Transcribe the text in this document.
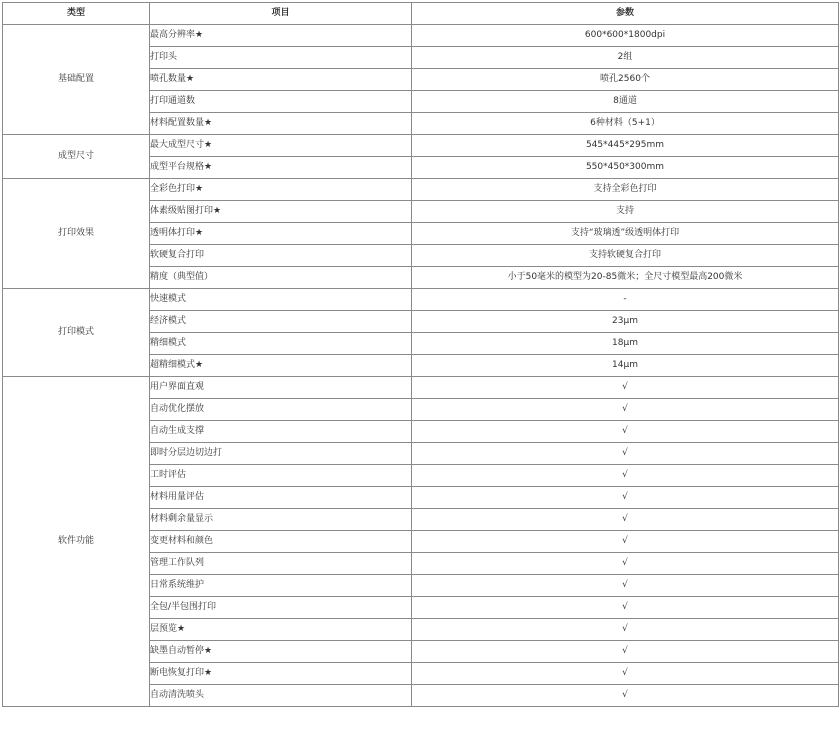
类型	项目	参数
基础配置	最高分辨率★	600*600*1800dpi
	打印头	2组
	喷孔数量★	喷孔2560个
	打印通道数	8通道
	材料配置数量★	6种材料（5+1）
成型尺寸	最大成型尺寸★	545*445*295mm
	成型平台规格★	550*450*300mm
打印效果	全彩色打印★	支持全彩色打印
	体素级贴图打印★	支持
	透明体打印★	支持“玻璃透”级透明体打印
	软硬复合打印	支持软硬复合打印
	精度（典型值）	小于50毫米的模型为20-85微米；全尺寸模型最高200微米
打印模式	快速模式	-
	经济模式	23μm
	精细模式	18μm
	超精细模式★	14μm
软件功能	用户界面直观	√
	自动优化摆放	√
	自动生成支撑	√
	即时分层边切边打	√
	工时评估	√
	材料用量评估	√
	材料剩余量显示	√
	变更材料和颜色	√
	管理工作队列	√
	日常系统维护	√
	全包/半包围打印	√
	层预览★	√
	缺墨自动暂停★	√
	断电恢复打印★	√
	自动清洗喷头	√
